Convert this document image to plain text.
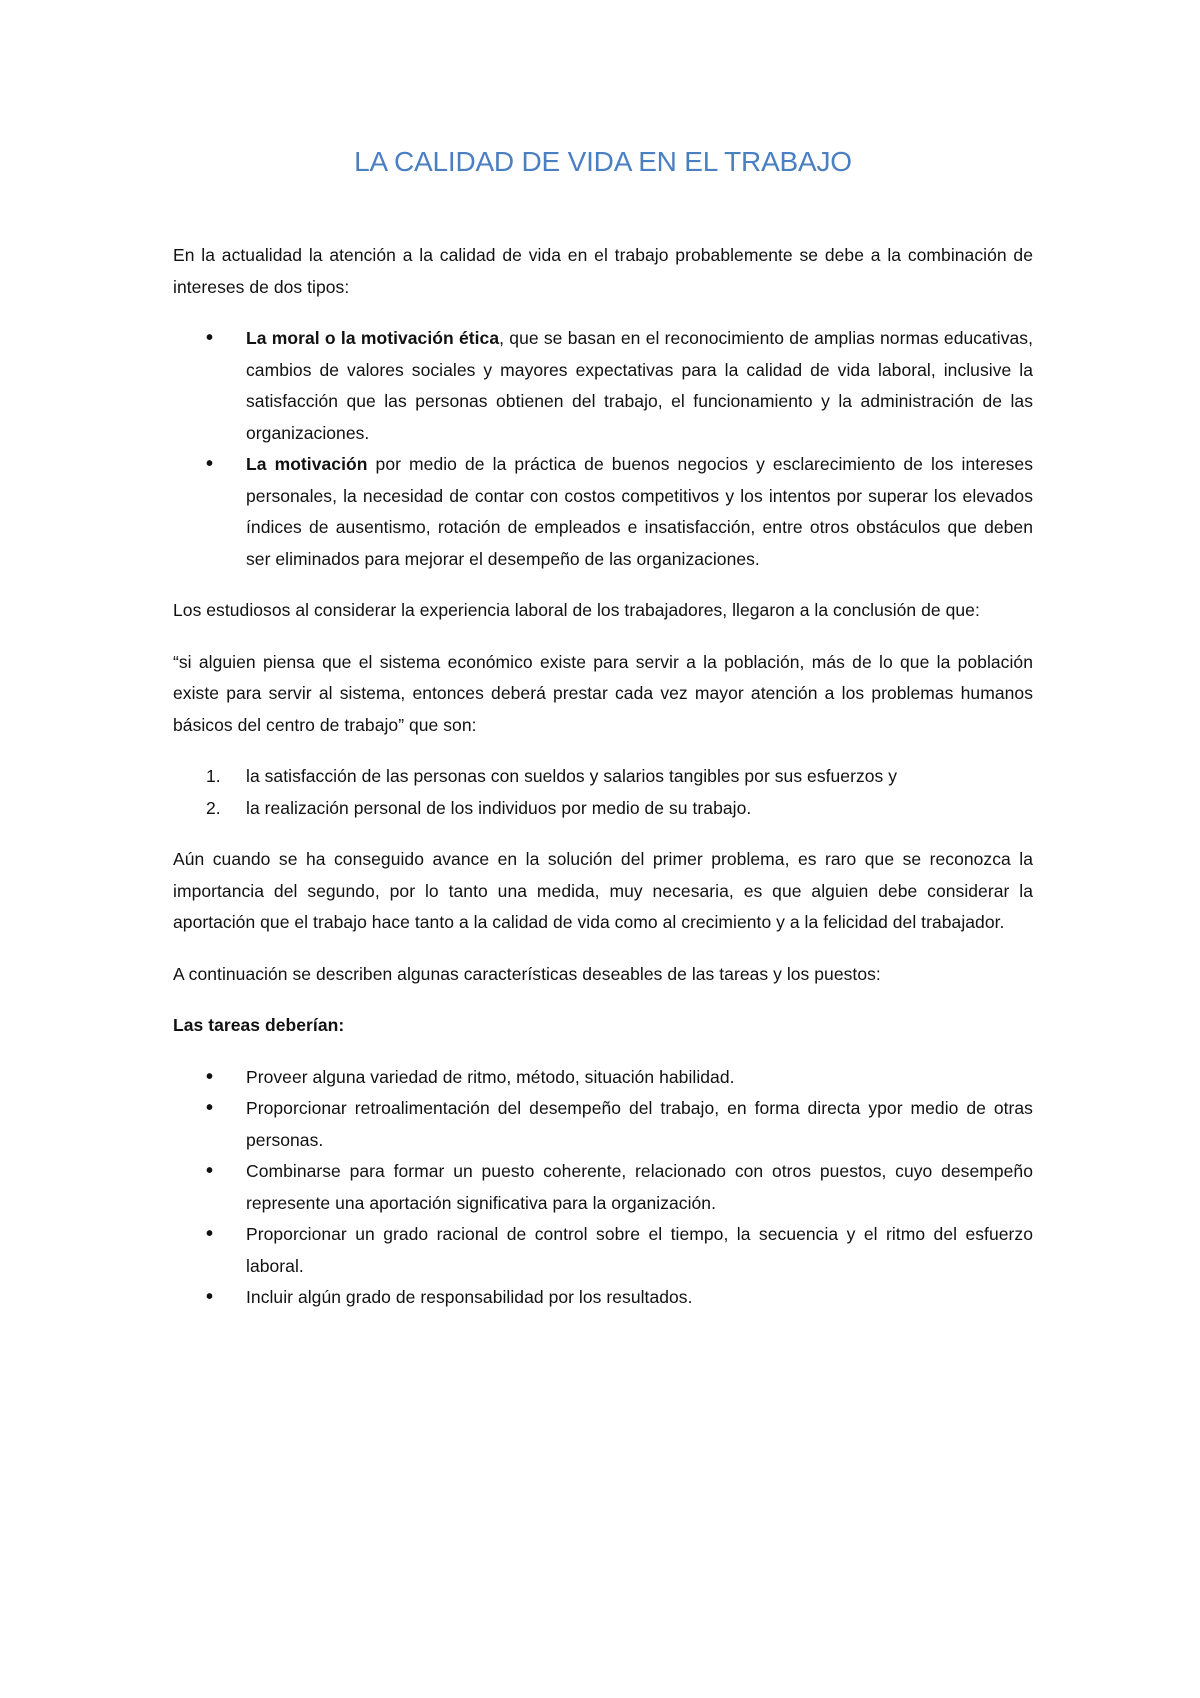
LA CALIDAD DE VIDA EN EL TRABAJO

En la actualidad la atención a la calidad de vida en el trabajo probablemente se debe a la combinación de intereses de dos tipos:

• La moral o la motivación ética, que se basan en el reconocimiento de amplias normas educativas, cambios de valores sociales y mayores expectativas para la calidad de vida laboral, inclusive la satisfacción que las personas obtienen del trabajo, el funcionamiento y la administración de las organizaciones.
• La motivación por medio de la práctica de buenos negocios y esclarecimiento de los intereses personales, la necesidad de contar con costos competitivos y los intentos por superar los elevados índices de ausentismo, rotación de empleados e insatisfacción, entre otros obstáculos que deben ser eliminados para mejorar el desempeño de las organizaciones.

Los estudiosos al considerar la experiencia laboral de los trabajadores, llegaron a la conclusión de que:

“si alguien piensa que el sistema económico existe para servir a la población, más de lo que la población existe para servir al sistema, entonces deberá prestar cada vez mayor atención a los problemas humanos básicos del centro de trabajo” que son:

1. la satisfacción de las personas con sueldos y salarios tangibles por sus esfuerzos y
2. la realización personal de los individuos por medio de su trabajo.

Aún cuando se ha conseguido avance en la solución del primer problema, es raro que se reconozca la importancia del segundo, por lo tanto una medida, muy necesaria, es que alguien debe considerar la aportación que el trabajo hace tanto a la calidad de vida como al crecimiento y a la felicidad del trabajador.

A continuación se describen algunas características deseables de las tareas y los puestos:

Las tareas deberían:

• Proveer alguna variedad de ritmo, método, situación habilidad.
• Proporcionar retroalimentación del desempeño del trabajo, en forma directa ypor medio de otras personas.
• Combinarse para formar un puesto coherente, relacionado con otros puestos, cuyo desempeño represente una aportación significativa para la organización.
• Proporcionar un grado racional de control sobre el tiempo, la secuencia y el ritmo del esfuerzo laboral.
• Incluir algún grado de responsabilidad por los resultados.
